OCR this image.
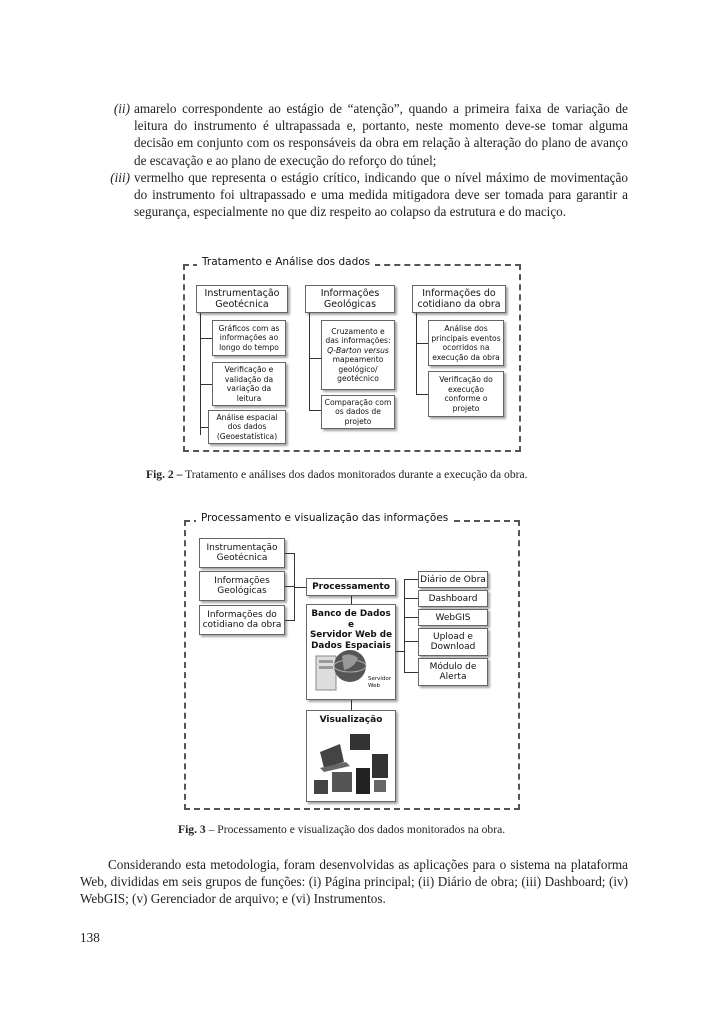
(ii) amarelo correspondente ao estágio de “atenção”, quando a primeira faixa de variação de leitura do instrumento é ultrapassada e, portanto, neste momento deve-se tomar alguma decisão em conjunto com os responsáveis da obra em relação à alteração do plano de avanço de escavação e ao plano de execução do reforço do túnel;
(iii) vermelho que representa o estágio crítico, indicando que o nível máximo de movimentação do instrumento foi ultrapassado e uma medida mitigadora deve ser tomada para garantir a segurança, especialmente no que diz respeito ao colapso da estrutura e do maciço.
Tratamento e Análise dos dados
Instrumentação
Geotécnica
Gráficos com as
informações ao
longo do tempo
Verificação e
validação da
variação da
leitura
Análise espacial
dos dados
(Geoestatística)
Informações
Geológicas
Cruzamento e
das informações:
Q-Barton versus
mapeamento
geológico/
geotécnico
Comparação com
os dados de
projeto
Informações do
cotidiano da obra
Análise dos
principais eventos
ocorridos na
execução da obra
Verificação do
execução
conforme o
projeto
Fig. 2 – Tratamento e análises dos dados monitorados durante a execução da obra.
Processamento e visualização das informações
Instrumentação
Geotécnica
Informações
Geológicas
Informações do
cotidiano da obra
Processamento
Banco de Dados e
Servidor Web de
Dados Espaciais
Servidor
Web
Visualização
Diário de Obra
Dashboard
WebGIS
Upload e
Download
Módulo de
Alerta
Fig. 3 – Processamento e visualização dos dados monitorados na obra.
Considerando esta metodologia, foram desenvolvidas as aplicações para o sistema na plataforma Web, divididas em seis grupos de funções: (i) Página principal; (ii) Diário de obra; (iii) Dashboard; (iv) WebGIS; (v) Gerenciador de arquivo; e (vi) Instrumentos.
138
